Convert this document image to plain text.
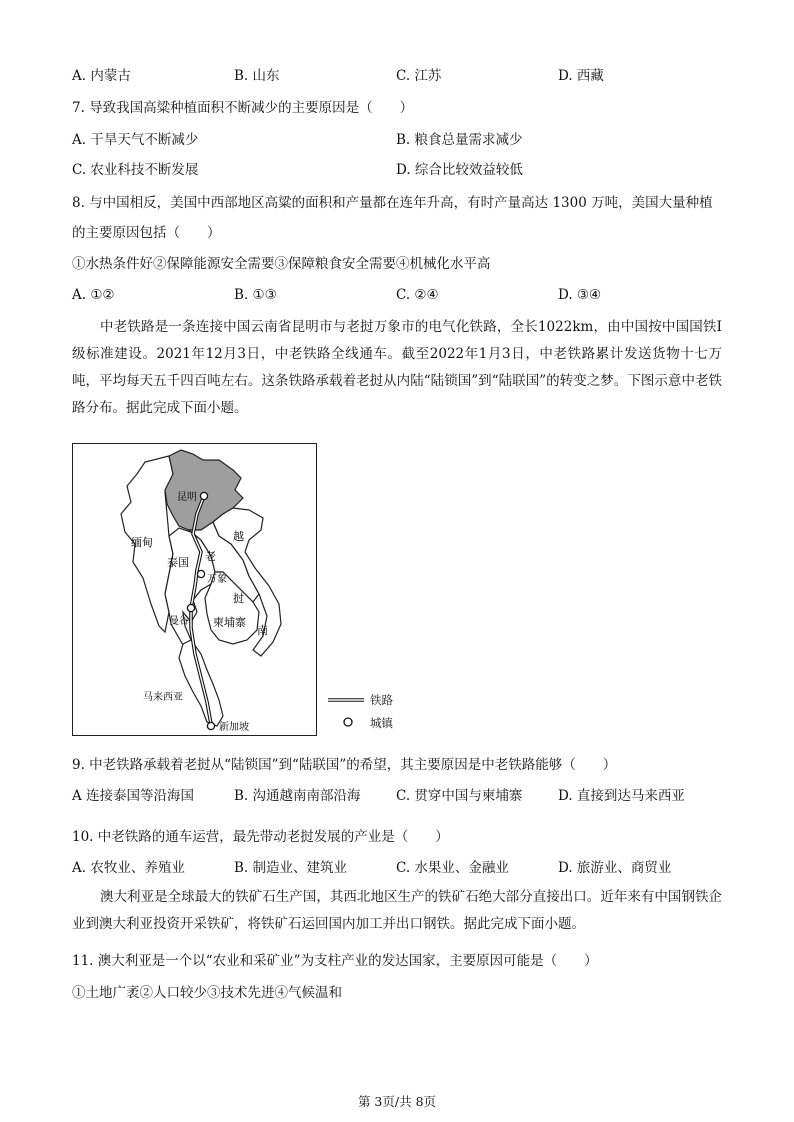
A. 内蒙古	B. 山东	C. 江苏	D. 西藏
7. 导致我国高粱种植面积不断减少的主要原因是（　　）
A. 干旱天气不断减少	B. 粮食总量需求减少
C. 农业科技不断发展	D. 综合比较效益较低
8. 与中国相反，美国中西部地区高粱的面积和产量都在连年升高，有时产量高达 1300 万吨，美国大量种植
的主要原因包括（　　）
①水热条件好②保障能源安全需要③保障粮食安全需要④机械化水平高
A. ①②	B. ①③	C. ②④	D. ③④
中老铁路是一条连接中国云南省昆明市与老挝万象市的电气化铁路，全长1022km，由中国按中国国铁Ⅰ级标准建设。2021年12月3日，中老铁路全线通车。截至2022年1月3日，中老铁路累计发送货物十七万吨，平均每天五千四百吨左右。这条铁路承载着老挝从内陆“陆锁国”到“陆联国”的转变之梦。下图示意中老铁路分布。据此完成下面小题。
昆明
缅甸	越
老
泰国
万象
挝
曼谷 柬埔寨
南
马来西亚
新加坡
铁路
城镇
9. 中老铁路承载着老挝从“陆锁国”到“陆联国”的希望，其主要原因是中老铁路能够（　　）
A 连接泰国等沿海国	B. 沟通越南南部沿海	C. 贯穿中国与柬埔寨	D. 直接到达马来西亚
10. 中老铁路的通车运营，最先带动老挝发展的产业是（　　）
A. 农牧业、养殖业	B. 制造业、建筑业	C. 水果业、金融业	D. 旅游业、商贸业
澳大利亚是全球最大的铁矿石生产国，其西北地区生产的铁矿石绝大部分直接出口。近年来有中国钢铁企业到澳大利亚投资开采铁矿，将铁矿石运回国内加工并出口钢铁。据此完成下面小题。
11. 澳大利亚是一个以“农业和采矿业”为支柱产业的发达国家，主要原因可能是（　　）
①土地广袤②人口较少③技术先进④气候温和
第 3页/共 8页
